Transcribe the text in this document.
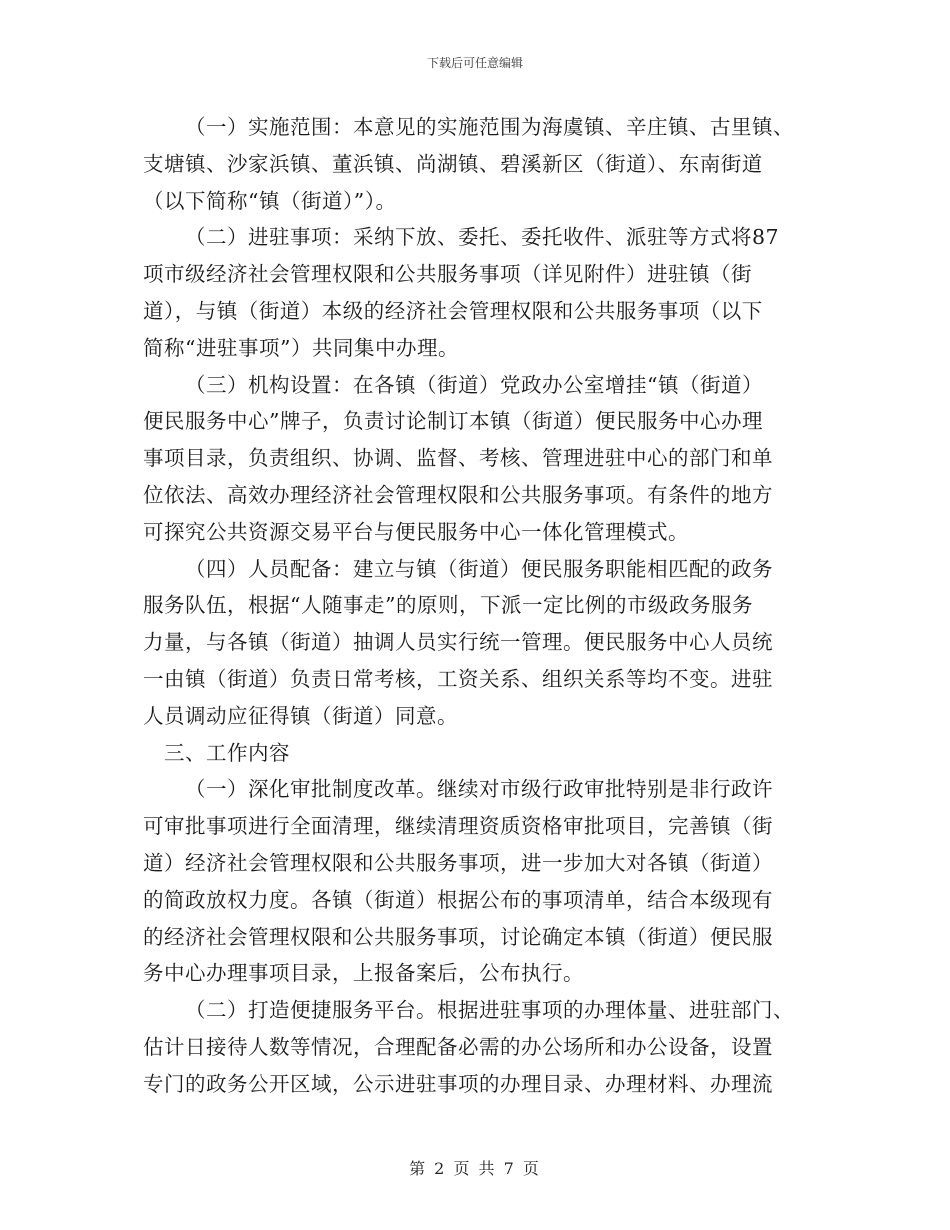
下载后可任意编辑
（一）实施范围：本意见的实施范围为海虞镇、辛庄镇、古里镇、
支塘镇、沙家浜镇、董浜镇、尚湖镇、碧溪新区（街道）、东南街道
（以下简称“镇（街道）”）。
（二）进驻事项：采纳下放、委托、委托收件、派驻等方式将87
项市级经济社会管理权限和公共服务事项（详见附件）进驻镇（街
道），与镇（街道）本级的经济社会管理权限和公共服务事项（以下
简称“进驻事项”）共同集中办理。
（三）机构设置：在各镇（街道）党政办公室增挂“镇（街道）
便民服务中心”牌子，负责讨论制订本镇（街道）便民服务中心办理
事项目录，负责组织、协调、监督、考核、管理进驻中心的部门和单
位依法、高效办理经济社会管理权限和公共服务事项。有条件的地方
可探究公共资源交易平台与便民服务中心一体化管理模式。
（四）人员配备：建立与镇（街道）便民服务职能相匹配的政务
服务队伍，根据“人随事走”的原则，下派一定比例的市级政务服务
力量，与各镇（街道）抽调人员实行统一管理。便民服务中心人员统
一由镇（街道）负责日常考核，工资关系、组织关系等均不变。进驻
人员调动应征得镇（街道）同意。
三、工作内容
（一）深化审批制度改革。继续对市级行政审批特别是非行政许
可审批事项进行全面清理，继续清理资质资格审批项目，完善镇（街
道）经济社会管理权限和公共服务事项，进一步加大对各镇（街道）
的简政放权力度。各镇（街道）根据公布的事项清单，结合本级现有
的经济社会管理权限和公共服务事项，讨论确定本镇（街道）便民服
务中心办理事项目录，上报备案后，公布执行。
（二）打造便捷服务平台。根据进驻事项的办理体量、进驻部门、
估计日接待人数等情况，合理配备必需的办公场所和办公设备，设置
专门的政务公开区域，公示进驻事项的办理目录、办理材料、办理流
第 2 页 共 7 页
